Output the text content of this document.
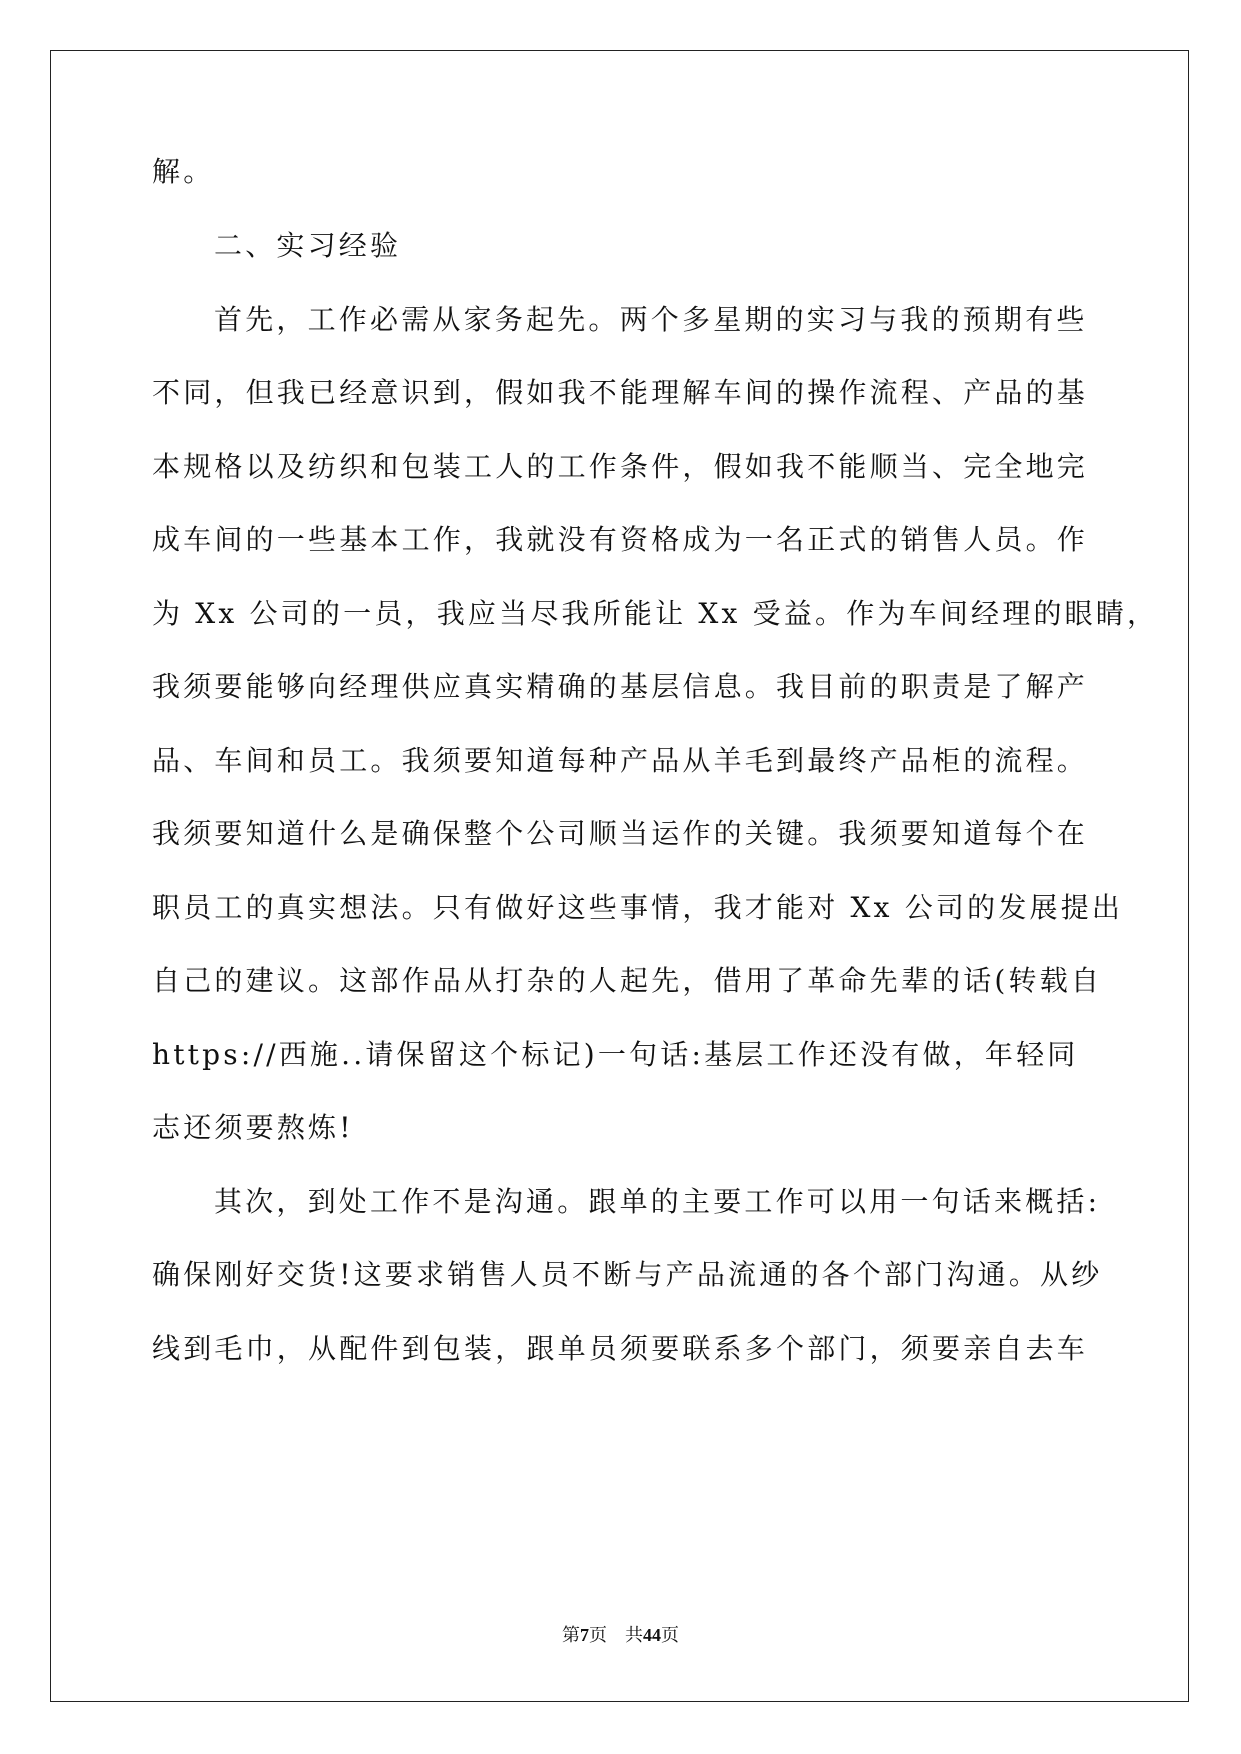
解。
二、实习经验
首先，工作必需从家务起先。两个多星期的实习与我的预期有些
不同，但我已经意识到，假如我不能理解车间的操作流程、产品的基
本规格以及纺织和包装工人的工作条件，假如我不能顺当、完全地完
成车间的一些基本工作，我就没有资格成为一名正式的销售人员。作
为 Xx 公司的一员，我应当尽我所能让 Xx 受益。作为车间经理的眼睛，
我须要能够向经理供应真实精确的基层信息。我目前的职责是了解产
品、车间和员工。我须要知道每种产品从羊毛到最终产品柜的流程。
我须要知道什么是确保整个公司顺当运作的关键。我须要知道每个在
职员工的真实想法。只有做好这些事情，我才能对 Xx 公司的发展提出
自己的建议。这部作品从打杂的人起先，借用了革命先辈的话(转载自
https://西施..请保留这个标记)一句话:基层工作还没有做，年轻同
志还须要熬炼!
其次，到处工作不是沟通。跟单的主要工作可以用一句话来概括:
确保刚好交货!这要求销售人员不断与产品流通的各个部门沟通。从纱
线到毛巾，从配件到包装，跟单员须要联系多个部门，须要亲自去车
第7页 共44页
